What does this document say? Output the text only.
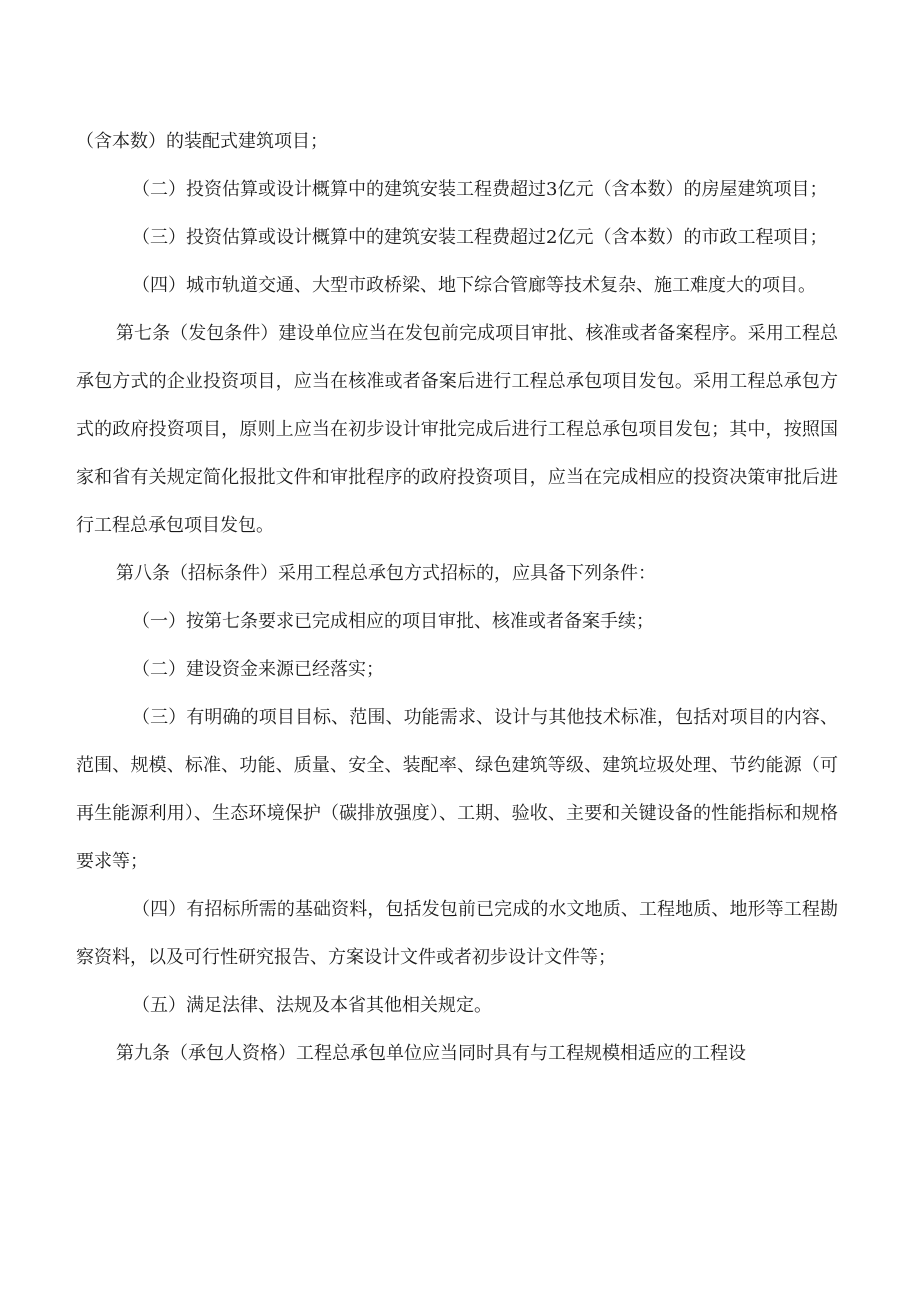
（含本数）的装配式建筑项目；

（二）投资估算或设计概算中的建筑安装工程费超过3亿元（含本数）的房屋建筑项目；

（三）投资估算或设计概算中的建筑安装工程费超过2亿元（含本数）的市政工程项目；

（四）城市轨道交通、大型市政桥梁、地下综合管廊等技术复杂、施工难度大的项目。

第七条（发包条件）建设单位应当在发包前完成项目审批、核准或者备案程序。采用工程总承包方式的企业投资项目，应当在核准或者备案后进行工程总承包项目发包。采用工程总承包方式的政府投资项目，原则上应当在初步设计审批完成后进行工程总承包项目发包；其中，按照国家和省有关规定简化报批文件和审批程序的政府投资项目，应当在完成相应的投资决策审批后进行工程总承包项目发包。

第八条（招标条件）采用工程总承包方式招标的，应具备下列条件：

（一）按第七条要求已完成相应的项目审批、核准或者备案手续；

（二）建设资金来源已经落实；

（三）有明确的项目目标、范围、功能需求、设计与其他技术标准，包括对项目的内容、范围、规模、标准、功能、质量、安全、装配率、绿色建筑等级、建筑垃圾处理、节约能源（可再生能源利用）、生态环境保护（碳排放强度）、工期、验收、主要和关键设备的性能指标和规格要求等；

（四）有招标所需的基础资料，包括发包前已完成的水文地质、工程地质、地形等工程勘察资料，以及可行性研究报告、方案设计文件或者初步设计文件等；

（五）满足法律、法规及本省其他相关规定。

第九条（承包人资格）工程总承包单位应当同时具有与工程规模相适应的工程设
